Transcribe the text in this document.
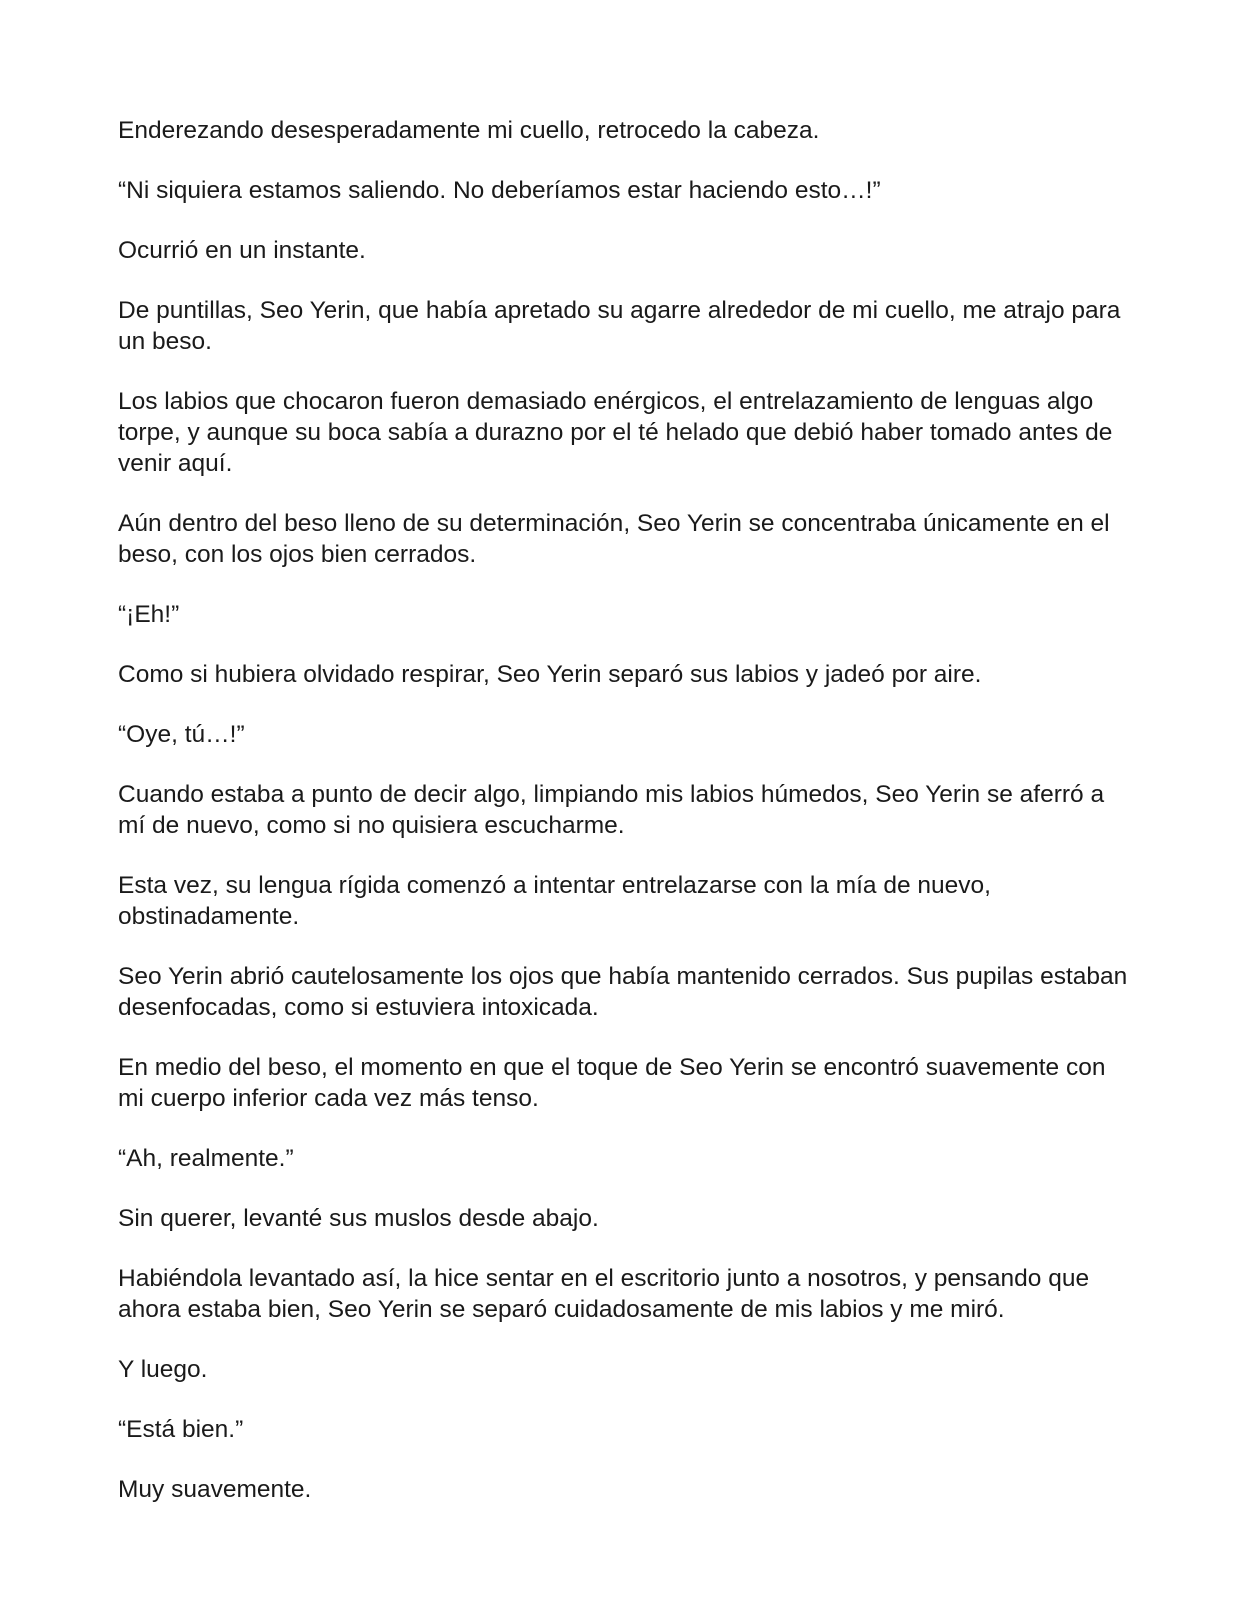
Enderezando desesperadamente mi cuello, retrocedo la cabeza.

“Ni siquiera estamos saliendo. No deberíamos estar haciendo esto…!”

Ocurrió en un instante.

De puntillas, Seo Yerin, que había apretado su agarre alrededor de mi cuello, me atrajo para un beso.

Los labios que chocaron fueron demasiado enérgicos, el entrelazamiento de lenguas algo torpe, y aunque su boca sabía a durazno por el té helado que debió haber tomado antes de venir aquí.

Aún dentro del beso lleno de su determinación, Seo Yerin se concentraba únicamente en el beso, con los ojos bien cerrados.

“¡Eh!”

Como si hubiera olvidado respirar, Seo Yerin separó sus labios y jadeó por aire.

“Oye, tú…!”

Cuando estaba a punto de decir algo, limpiando mis labios húmedos, Seo Yerin se aferró a mí de nuevo, como si no quisiera escucharme.

Esta vez, su lengua rígida comenzó a intentar entrelazarse con la mía de nuevo, obstinadamente.

Seo Yerin abrió cautelosamente los ojos que había mantenido cerrados. Sus pupilas estaban desenfocadas, como si estuviera intoxicada.

En medio del beso, el momento en que el toque de Seo Yerin se encontró suavemente con mi cuerpo inferior cada vez más tenso.

“Ah, realmente.”

Sin querer, levanté sus muslos desde abajo.

Habiéndola levantado así, la hice sentar en el escritorio junto a nosotros, y pensando que ahora estaba bien, Seo Yerin se separó cuidadosamente de mis labios y me miró.

Y luego.

“Está bien.”

Muy suavemente.
